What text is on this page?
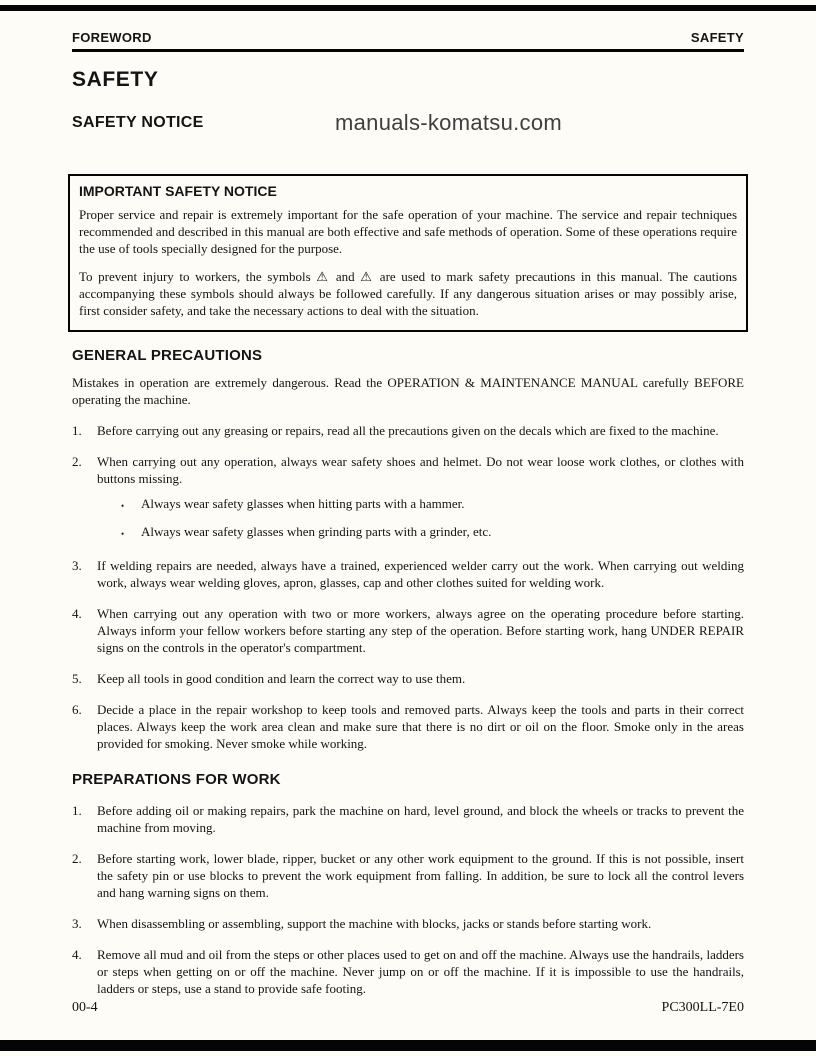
FOREWORD	SAFETY
SAFETY
SAFETY NOTICE	manuals-komatsu.com
IMPORTANT SAFETY NOTICE

Proper service and repair is extremely important for the safe operation of your machine. The service and repair techniques recommended and described in this manual are both effective and safe methods of operation. Some of these operations require the use of tools specially designed for the purpose.

To prevent injury to workers, the symbols ⚠ and ⚠ are used to mark safety precautions in this manual. The cautions accompanying these symbols should always be followed carefully. If any dangerous situation arises or may possibly arise, first consider safety, and take the necessary actions to deal with the situation.

GENERAL PRECAUTIONS

Mistakes in operation are extremely dangerous. Read the OPERATION & MAINTENANCE MANUAL carefully BEFORE operating the machine.

1.	Before carrying out any greasing or repairs, read all the precautions given on the decals which are fixed to the machine.
2.	When carrying out any operation, always wear safety shoes and helmet. Do not wear loose work clothes, or clothes with buttons missing.
•	Always wear safety glasses when hitting parts with a hammer.
•	Always wear safety glasses when grinding parts with a grinder, etc.
3.	If welding repairs are needed, always have a trained, experienced welder carry out the work. When carrying out welding work, always wear welding gloves, apron, glasses, cap and other clothes suited for welding work.
4.	When carrying out any operation with two or more workers, always agree on the operating procedure before starting. Always inform your fellow workers before starting any step of the operation. Before starting work, hang UNDER REPAIR signs on the controls in the operator's compartment.
5.	Keep all tools in good condition and learn the correct way to use them.
6.	Decide a place in the repair workshop to keep tools and removed parts. Always keep the tools and parts in their correct places. Always keep the work area clean and make sure that there is no dirt or oil on the floor. Smoke only in the areas provided for smoking. Never smoke while working.
PREPARATIONS FOR WORK
1.	Before adding oil or making repairs, park the machine on hard, level ground, and block the wheels or tracks to prevent the machine from moving.
2.	Before starting work, lower blade, ripper, bucket or any other work equipment to the ground. If this is not possible, insert the safety pin or use blocks to prevent the work equipment from falling. In addition, be sure to lock all the control levers and hang warning signs on them.
3.	When disassembling or assembling, support the machine with blocks, jacks or stands before starting work.
4.	Remove all mud and oil from the steps or other places used to get on and off the machine. Always use the handrails, ladders or steps when getting on or off the machine. Never jump on or off the machine. If it is impossible to use the handrails, ladders or steps, use a stand to provide safe footing.
00-4	PC300LL-7E0
